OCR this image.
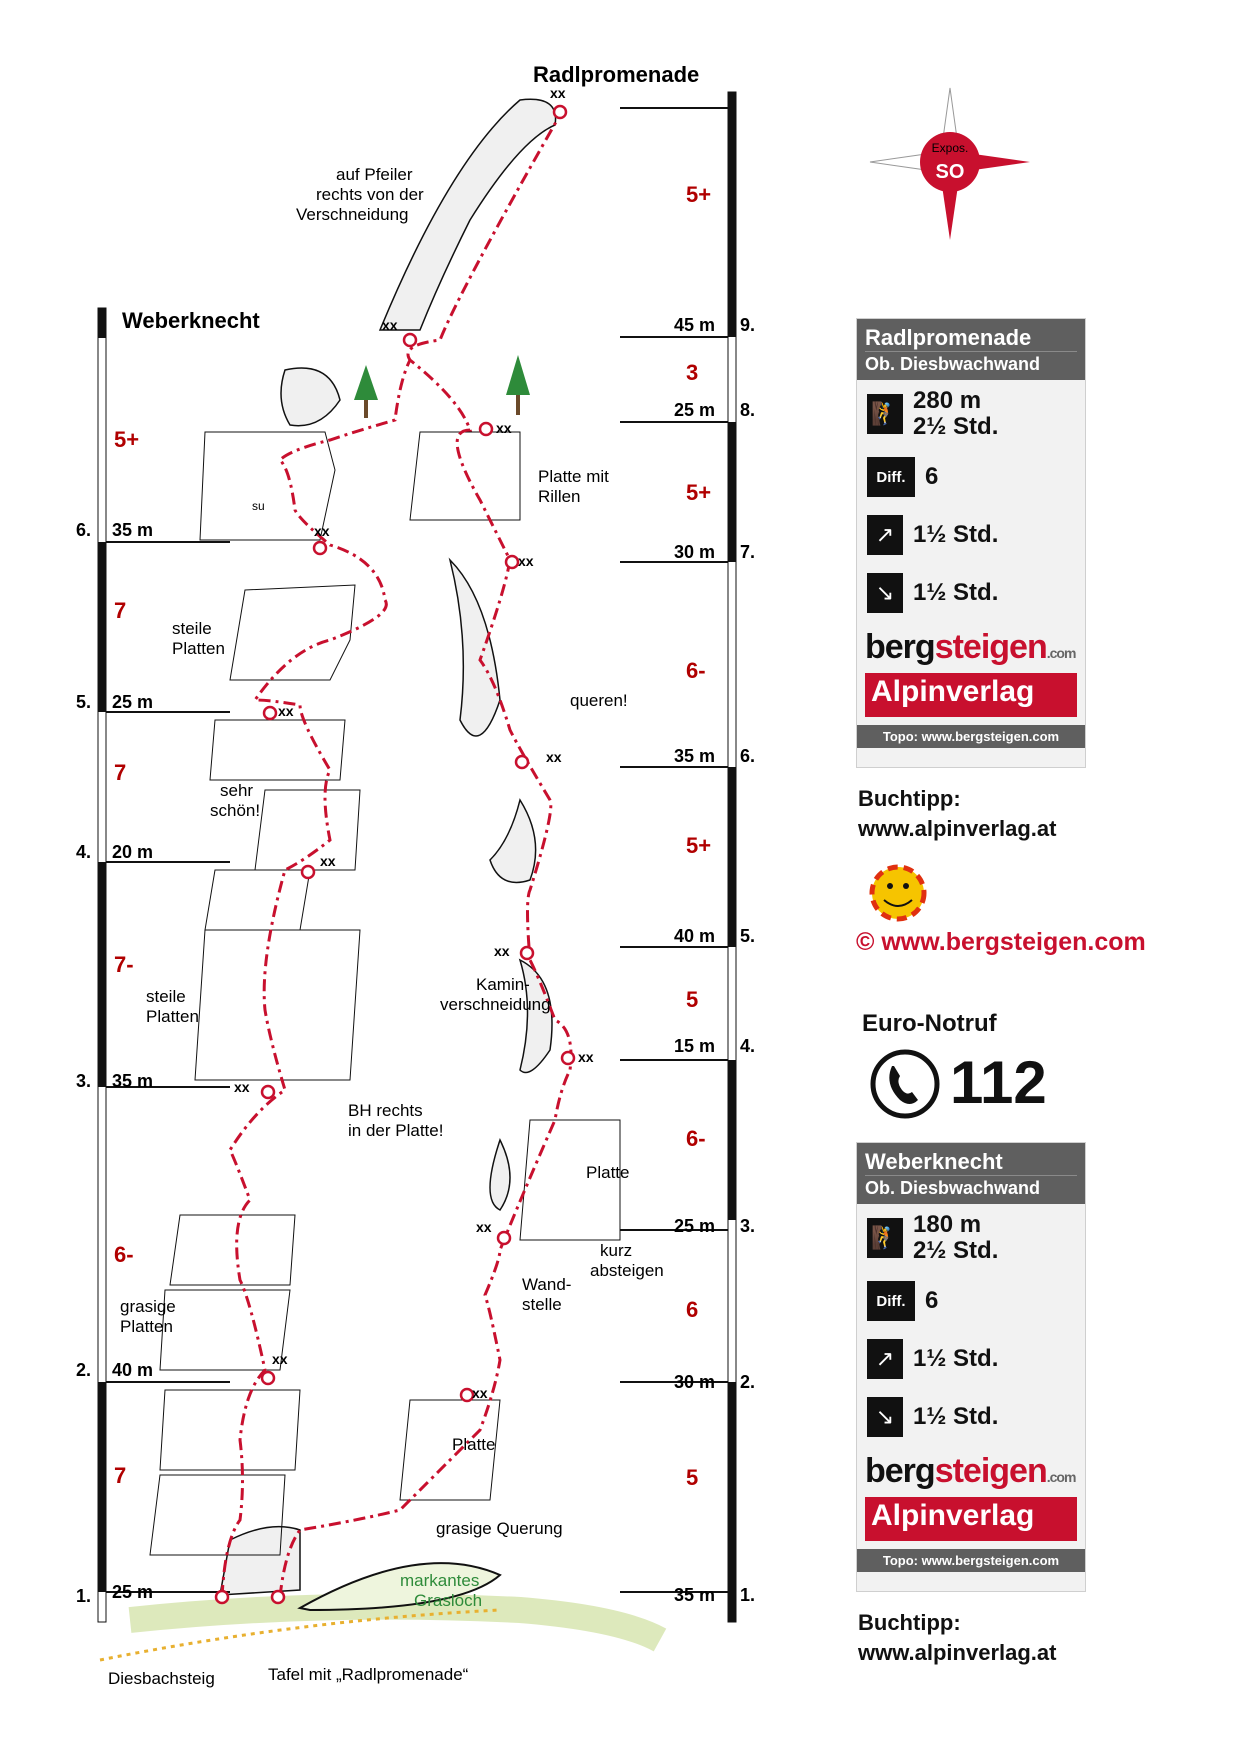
Radlpromenade
Weberknecht
1. 25 m
2. 40 m
3. 35 m
4. 20 m
5. 25 m
6. 35 m
7
6-
7-
7
7
5+
35 m 1.
30 m 2.
25 m 3.
15 m 4.
40 m 5.
35 m 6.
30 m 7.
25 m 8.
45 m 9.
5
6
6-
5
5+
6-
5+
3
5+
auf Pfeiler
rechts von der
Verschneidung
Platte mit
Rillen
steile
Platten
queren!
sehr
schön!
steile
Platten
Kamin-
verschneidung
BH rechts
in der Platte!
Platte
kurz
absteigen
Wand-
stelle
grasige
Platten
Platte
grasige Querung
Diesbachsteig	Tafel mit „Radlpromenade“
markantes
Grasloch
xx
xx
xx
xx
xx
xx
xx
xx
xx
xx
xx
xx
xx
xx
su
Expos.
SO
Radlpromenade
Ob. Diesbwachwand
🧗 280 m
2½ Std.
Diff. 6
↗ 1½ Std.
↘ 1½ Std.
bergsteigen.com
Alpinverlag
Topo: www.bergsteigen.com
Buchtipp:
www.alpinverlag.at
© www.bergsteigen.com
Euro-Notruf
112
Weberknecht
Ob. Diesbwachwand
🧗 180 m
2½ Std.
Diff. 6
↗ 1½ Std.
↘ 1½ Std.
bergsteigen.com
Alpinverlag
Topo: www.bergsteigen.com
Buchtipp:
www.alpinverlag.at
